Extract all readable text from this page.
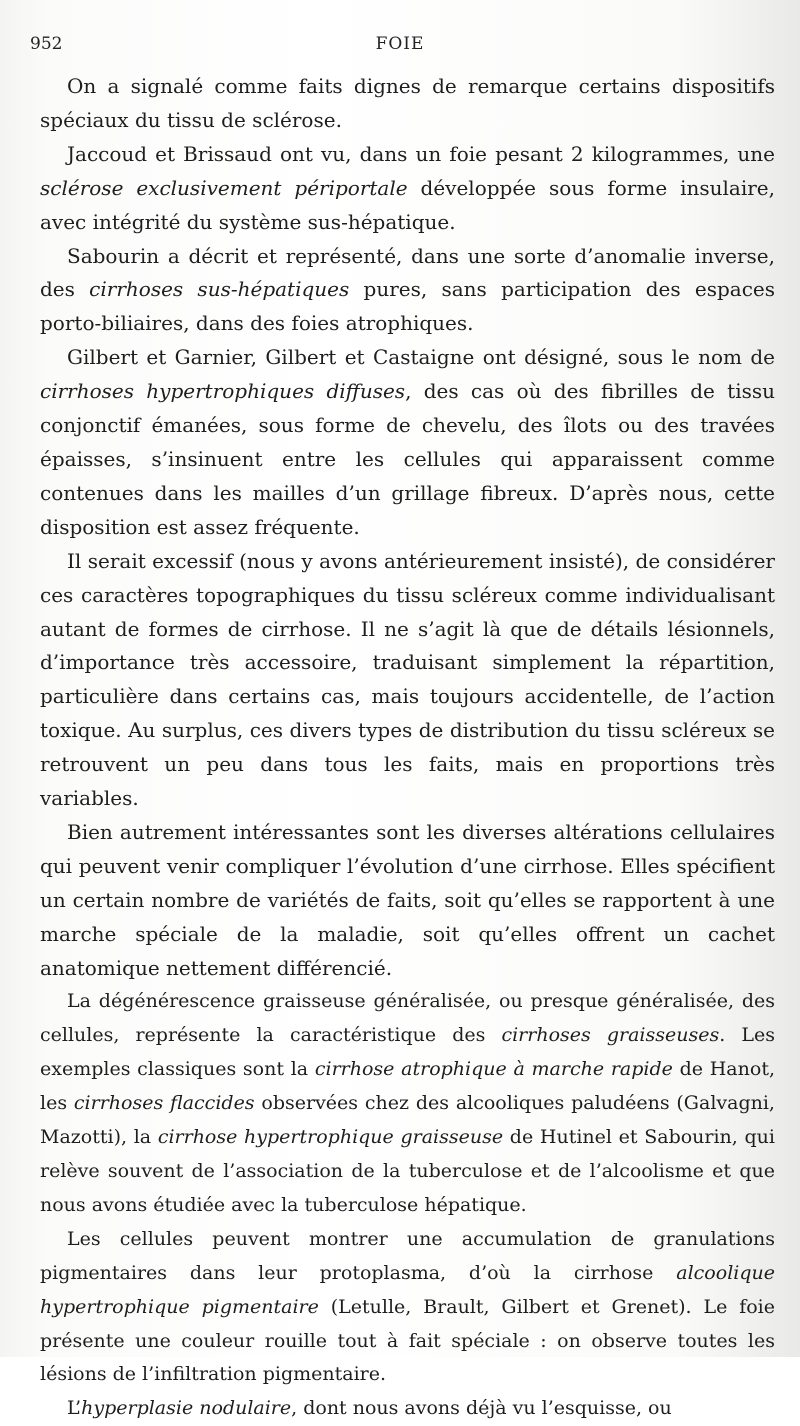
952	FOIE

On a signalé comme faits dignes de remarque certains dispositifs spéciaux du tissu de sclérose.

Jaccoud et Brissaud ont vu, dans un foie pesant 2 kilogrammes, une sclérose exclusivement périportale développée sous forme insulaire, avec intégrité du système sus-hépatique.

Sabourin a décrit et représenté, dans une sorte d’anomalie inverse, des cirrhoses sus-hépatiques pures, sans participation des espaces porto-biliaires, dans des foies atrophiques.

Gilbert et Garnier, Gilbert et Castaigne ont désigné, sous le nom de cirrhoses hypertrophiques diffuses, des cas où des fibrilles de tissu conjonctif émanées, sous forme de chevelu, des îlots ou des travées épaisses, s’insinuent entre les cellules qui apparaissent comme contenues dans les mailles d’un grillage fibreux. D’après nous, cette disposition est assez fréquente.

Il serait excessif (nous y avons antérieurement insisté), de considérer ces caractères topographiques du tissu scléreux comme individualisant autant de formes de cirrhose. Il ne s’agit là que de détails lésionnels, d’importance très accessoire, traduisant simplement la répartition, particulière dans certains cas, mais toujours accidentelle, de l’action toxique. Au surplus, ces divers types de distribution du tissu scléreux se retrouvent un peu dans tous les faits, mais en proportions très variables.

Bien autrement intéressantes sont les diverses altérations cellulaires qui peuvent venir compliquer l’évolution d’une cirrhose. Elles spécifient un certain nombre de variétés de faits, soit qu’elles se rapportent à une marche spéciale de la maladie, soit qu’elles offrent un cachet anatomique nettement différencié.

La dégénérescence graisseuse généralisée, ou presque généralisée, des cellules, représente la caractéristique des cirrhoses graisseuses. Les exemples classiques sont la cirrhose atrophique à marche rapide de Hanot, les cirrhoses flaccides observées chez des alcooliques paludéens (Galvagni, Mazotti), la cirrhose hypertrophique graisseuse de Hutinel et Sabourin, qui relève souvent de l’association de la tuberculose et de l’alcoolisme et que nous avons étudiée avec la tuberculose hépatique.

Les cellules peuvent montrer une accumulation de granulations pigmentaires dans leur protoplasma, d’où la cirrhose alcoolique hypertrophique pigmentaire (Letulle, Brault, Gilbert et Grenet). Le foie présente une couleur rouille tout à fait spéciale : on observe toutes les lésions de l’infiltration pigmentaire.

L’hyperplasie nodulaire, dont nous avons déjà vu l’esquisse, ou
